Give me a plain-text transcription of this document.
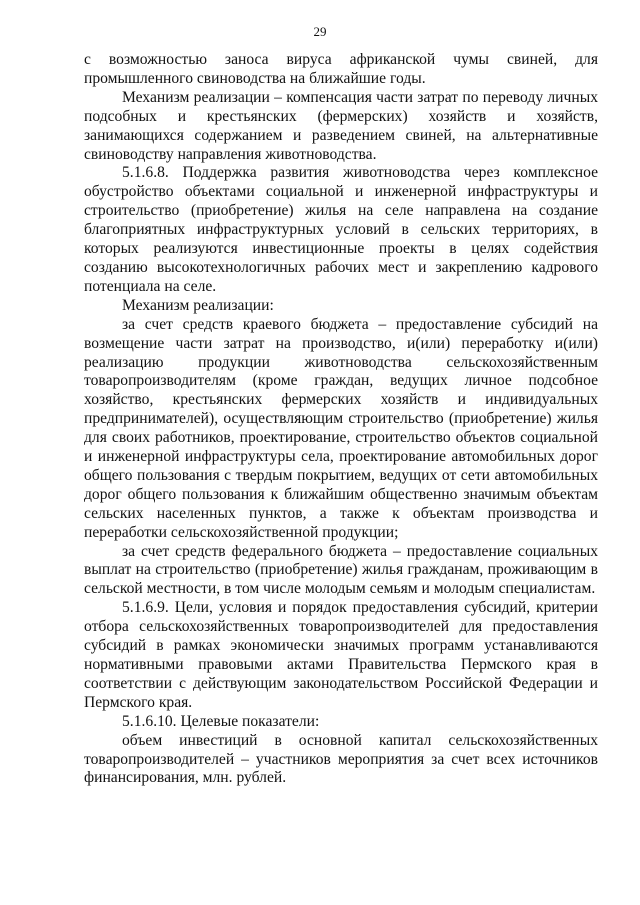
29

с возможностью заноса вируса африканской чумы свиней, для промышленного свиноводства на ближайшие годы.

Механизм реализации – компенсация части затрат по переводу личных подсобных и крестьянских (фермерских) хозяйств и хозяйств, занимающихся содержанием и разведением свиней, на альтернативные свиноводству направления животноводства.

5.1.6.8. Поддержка развития животноводства через комплексное обустройство объектами социальной и инженерной инфраструктуры и строительство (приобретение) жилья на селе направлена на создание благоприятных инфраструктурных условий в сельских территориях, в которых реализуются инвестиционные проекты в целях содействия созданию высокотехнологичных рабочих мест и закреплению кадрового потенциала на селе.

Механизм реализации:

за счет средств краевого бюджета – предоставление субсидий на возмещение части затрат на производство, и(или) переработку и(или) реализацию продукции животноводства сельскохозяйственным товаропроизводителям (кроме граждан, ведущих личное подсобное хозяйство, крестьянских фермерских хозяйств и индивидуальных предпринимателей), осуществляющим строительство (приобретение) жилья для своих работников, проектирование, строительство объектов социальной и инженерной инфраструктуры села, проектирование автомобильных дорог общего пользования с твердым покрытием, ведущих от сети автомобильных дорог общего пользования к ближайшим общественно значимым объектам сельских населенных пунктов, а также к объектам производства и переработки сельскохозяйственной продукции;

за счет средств федерального бюджета – предоставление социальных выплат на строительство (приобретение) жилья гражданам, проживающим в сельской местности, в том числе молодым семьям и молодым специалистам.

5.1.6.9. Цели, условия и порядок предоставления субсидий, критерии отбора сельскохозяйственных товаропроизводителей для предоставления субсидий в рамках экономически значимых программ устанавливаются нормативными правовыми актами Правительства Пермского края в соответствии с действующим законодательством Российской Федерации и Пермского края.

5.1.6.10. Целевые показатели:

объем инвестиций в основной капитал сельскохозяйственных товаропроизводителей – участников мероприятия за счет всех источников финансирования, млн. рублей.
